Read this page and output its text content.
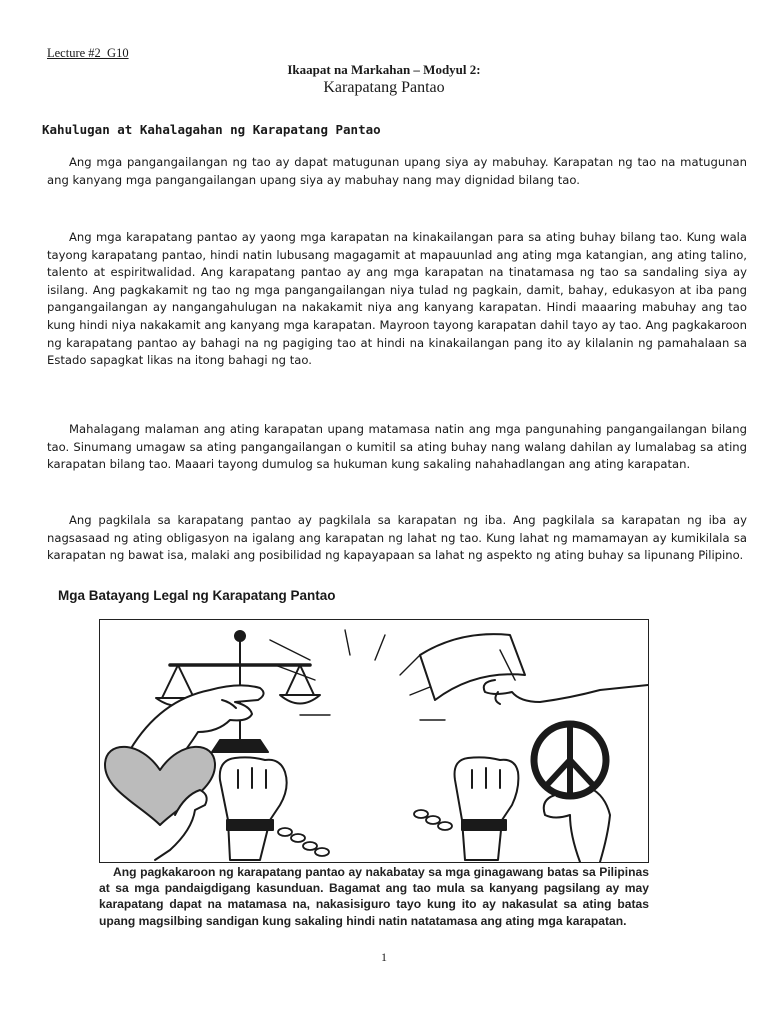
Lecture #2_G10
Ikaapat na Markahan – Modyul 2:
Karapatang Pantao
Kahulugan at Kahalagahan ng Karapatang Pantao

Ang mga pangangailangan ng tao ay dapat matugunan upang siya ay mabuhay. Karapatan ng tao na matugunan ang kanyang mga pangangailangan upang siya ay mabuhay nang may dignidad bilang tao.

Ang mga karapatang pantao ay yaong mga karapatan na kinakailangan para sa ating buhay bilang tao. Kung wala tayong karapatang pantao, hindi natin lubusang magagamit at mapauunlad ang ating mga katangian, ang ating talino, talento at espiritwalidad. Ang karapatang pantao ay ang mga karapatan na tinatamasa ng tao sa sandaling siya ay isilang. Ang pagkakamit ng tao ng mga pangangailangan niya tulad ng pagkain, damit, bahay, edukasyon at iba pang pangangailangan ay nangangahulugan na nakakamit niya ang kanyang karapatan. Hindi maaaring mabuhay ang tao kung hindi niya nakakamit ang kanyang mga karapatan. Mayroon tayong karapatan dahil tayo ay tao. Ang pagkakaroon ng karapatang pantao ay bahagi na ng pagiging tao at hindi na kinakailangan pang ito ay kilalanin ng pamahalaan sa Estado sapagkat likas na itong bahagi ng tao.

Mahalagang malaman ang ating karapatan upang matamasa natin ang mga pangunahing pangangailangan bilang tao. Sinumang umagaw sa ating pangangailangan o kumitil sa ating buhay nang walang dahilan ay lumalabag sa ating karapatan bilang tao. Maaari tayong dumulog sa hukuman kung sakaling nahahadlangan ang ating karapatan.

Ang pagkilala sa karapatang pantao ay pagkilala sa karapatan ng iba. Ang pagkilala sa karapatan ng iba ay nagsasaad ng ating obligasyon na igalang ang karapatan ng lahat ng tao. Kung lahat ng mamamayan ay kumikilala sa karapatan ng bawat isa, malaki ang posibilidad ng kapayapaan sa lahat ng aspekto ng ating buhay sa lipunang Pilipino.

Mga Batayang Legal ng Karapatang Pantao

Ang pagkakaroon ng karapatang pantao ay nakabatay sa mga ginagawang batas sa Pilipinas at sa mga pandaigdigang kasunduan. Bagamat ang tao mula sa kanyang pagsilang ay may karapatang dapat na matamasa na, nakasisiguro tayo kung ito ay nakasulat sa ating batas upang magsilbing sandigan kung sakaling hindi natin natatamasa ang ating mga karapatan.

1
